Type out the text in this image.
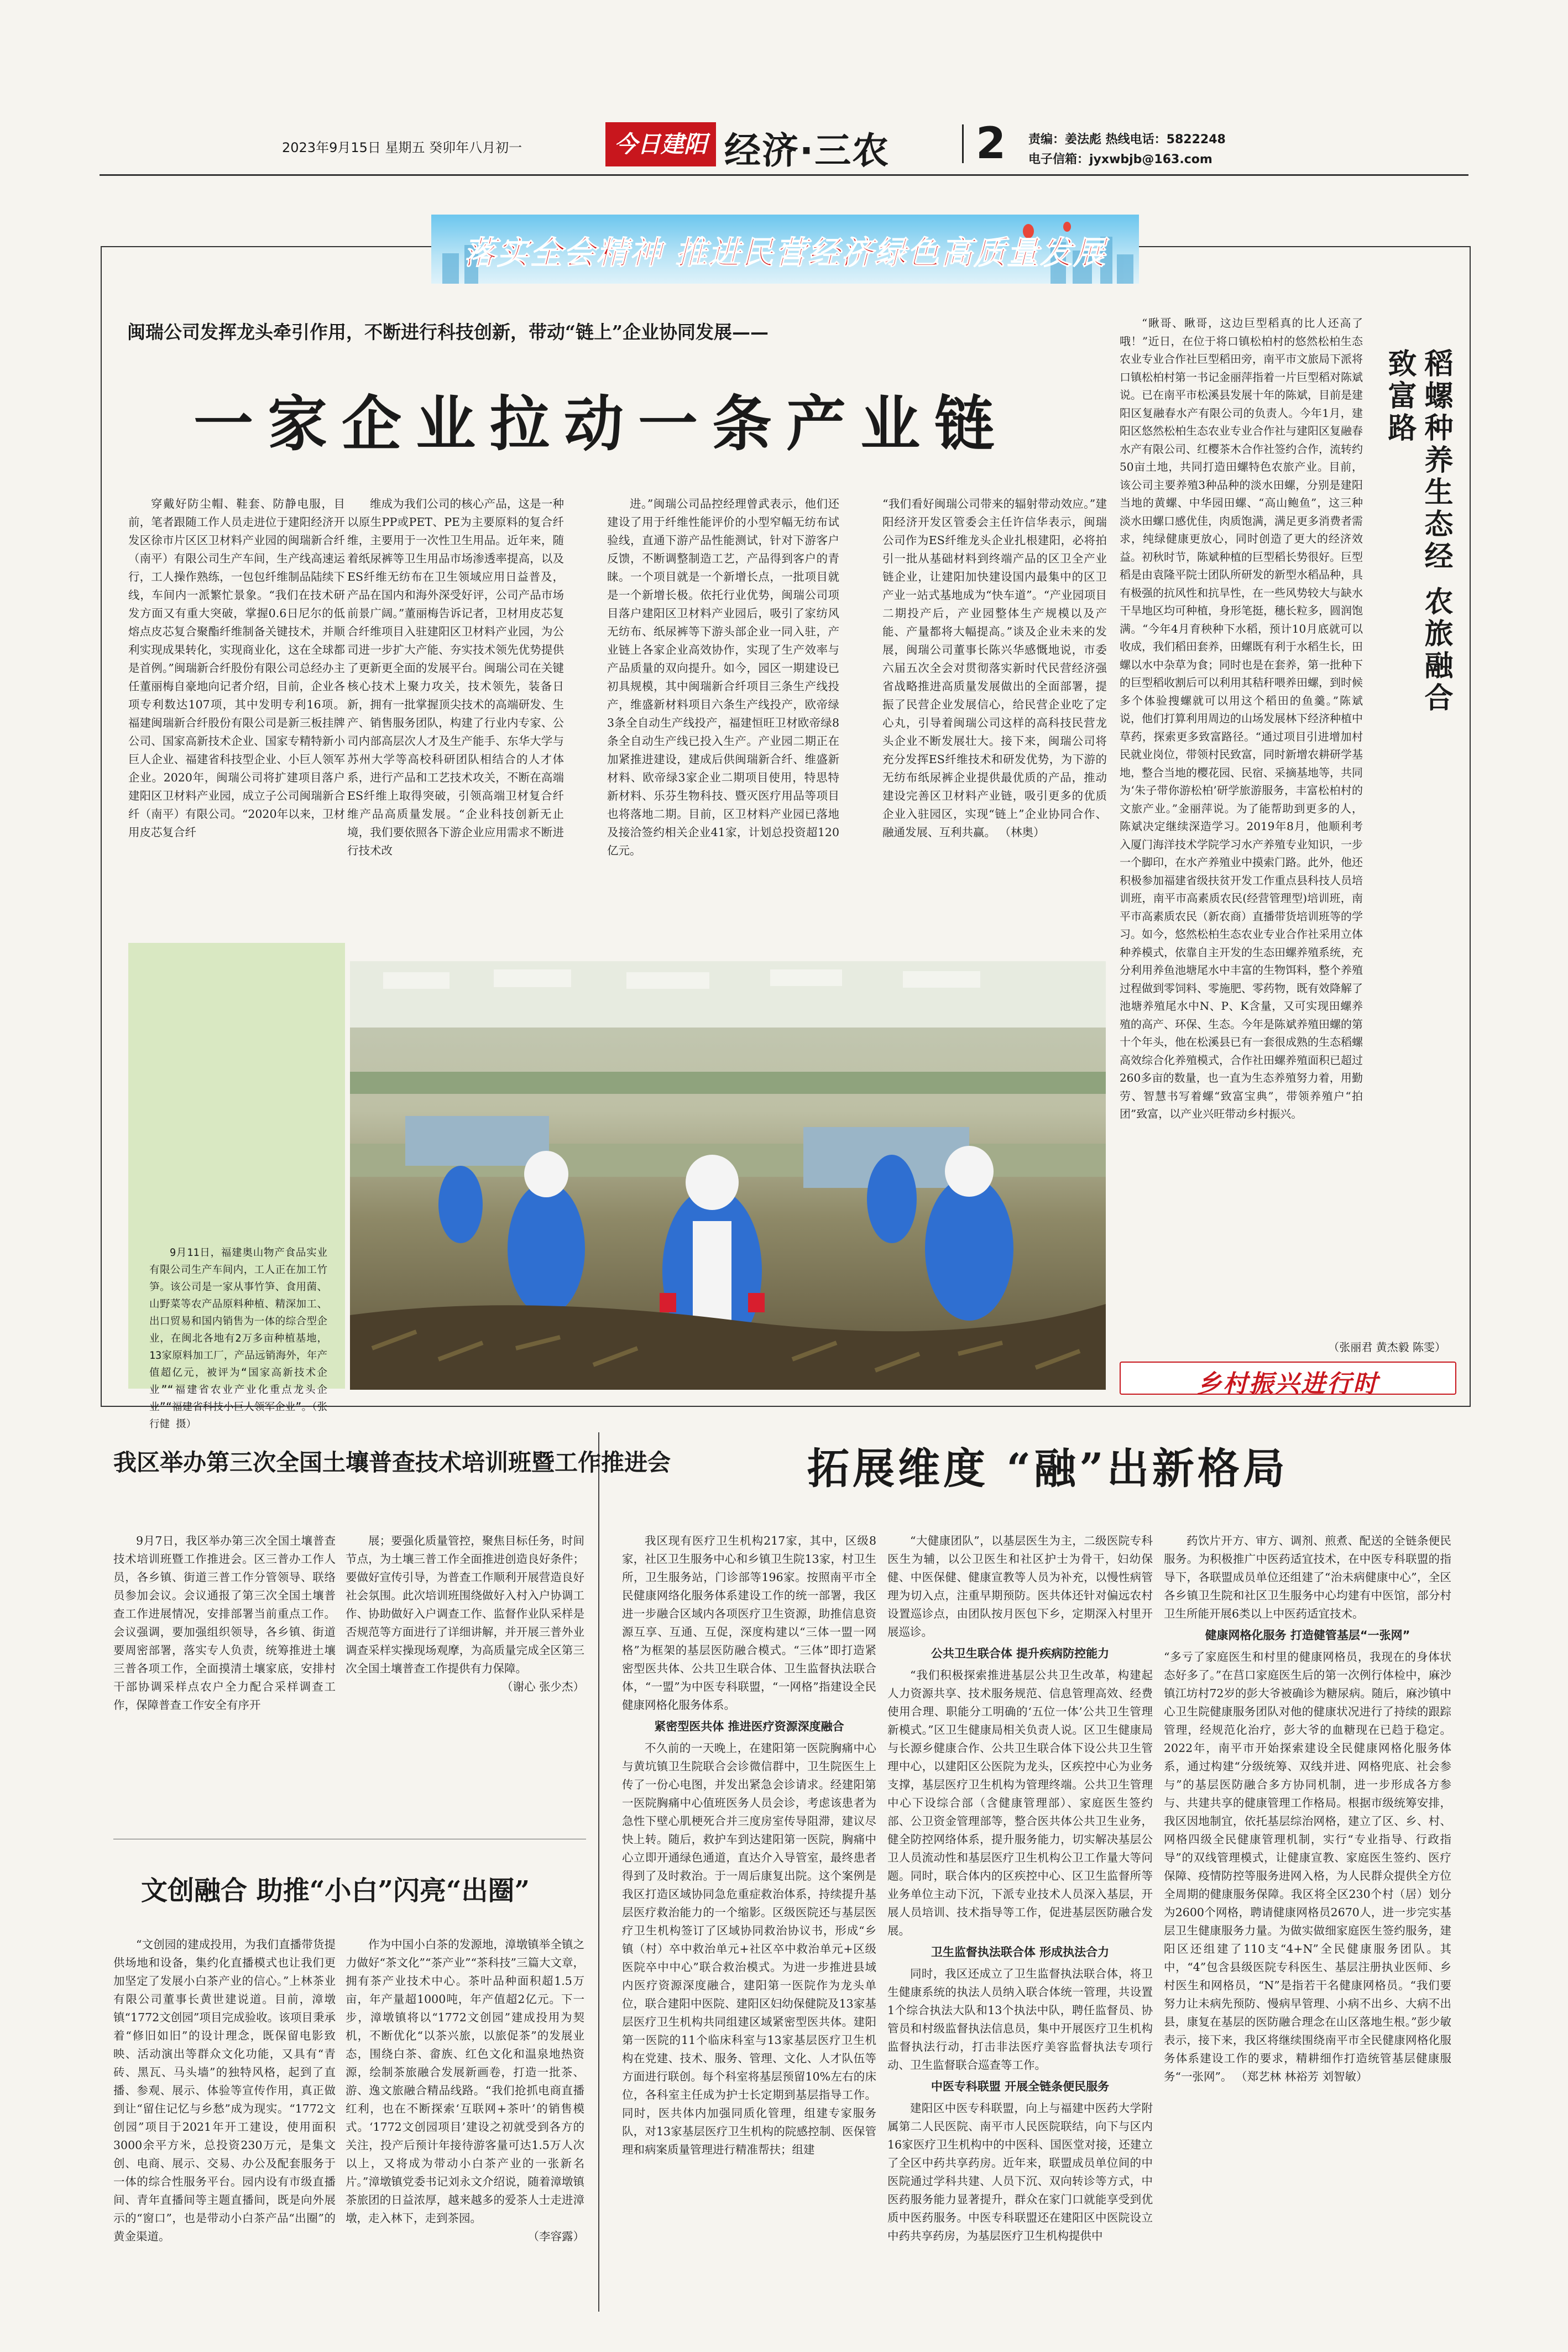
2023年9月15日 星期五 癸卯年八月初一	今日建阳 经济·三农 2 责编：姜法彪 热线电话：5822248
电子信箱：jyxwbjb@163.com
落实全会精神 推进民营经济绿色高质量发展
闽瑞公司发挥龙头牵引作用，不断进行科技创新，带动“链上”企业协同发展——
一家企业拉动一条产业链

穿戴好防尘帽、鞋套、防静电服，目前，笔者跟随工作人员走进位于建阳经济开发区徐市片区区卫材料产业园的闽瑞新合纤（南平）有限公司生产车间，生产线高速运行，工人操作熟练，一包包纤维制品陆续下线，车间内一派繁忙景象。“我们在技术研发方面又有重大突破，掌握0.6日尼尔的低熔点皮芯复合聚酯纤维制备关键技术，并顺利实现成果转化，实现商业化，这在全球都是首例。”闽瑞新合纤股份有限公司总经办主任董丽梅自豪地向记者介绍，目前，企业各项专利数达107项，其中发明专利16项。福建闽瑞新合纤股份有限公司是新三板挂牌公司、国家高新技术企业、国家专精特新小巨人企业、福建省科技型企业、小巨人领军企业。2020年，闽瑞公司将扩建项目落户建阳区卫材料产业园，成立子公司闽瑞新合纤（南平）有限公司。“2020年以来，卫材用皮芯复合纤

维成为我们公司的核心产品，这是一种以原生PP或PET、PE为主要原料的复合纤维，主要用于一次性卫生用品。近年来，随着纸尿裤等卫生用品市场渗透率提高，以及ES纤维无纺布在卫生领域应用日益普及，产品在国内和海外深受好评，公司产品市场前景广阔。”董丽梅告诉记者，卫材用皮芯复合纤维项目入驻建阳区卫材料产业园，为公司进一步扩大产能、夯实技术领先优势提供了更新更全面的发展平台。闽瑞公司在关键核心技术上聚力攻关，技术领先，装备日新，拥有一批掌握顶尖技术的高端研发、生产、销售服务团队，构建了行业内专家、公司内部高层次人才及生产能手、东华大学与苏州大学等高校科研团队相结合的人才体系，进行产品和工艺技术攻关，不断在高端ES纤维上取得突破，引领高端卫材复合纤维产品高质量发展。“企业科技创新无止境，我们要依照各下游企业应用需求不断进行技术改

进。”闽瑞公司品控经理曾武表示，他们还建设了用于纤维性能评价的小型窄幅无纺布试验线，直通下游产品性能测试，针对下游客户反馈，不断调整制造工艺，产品得到客户的青睐。一个项目就是一个新增长点，一批项目就是一个新增长极。依托行业优势，闽瑞公司项目落户建阳区卫材料产业园后，吸引了家纺风无纺布、纸尿裤等下游头部企业一同入驻，产业链上各家企业高效协作，实现了生产效率与产品质量的双向提升。如今，园区一期建设已初具规模，其中闽瑞新合纤项目三条生产线投产，维盛新材料项目六条生产线投产，欧帝绿3条全自动生产线投产，福建恒旺卫材欧帝绿8条全自动生产线已投入生产。产业园二期正在加紧推进建设，建成后供闽瑞新合纤、维盛新材料、欧帝绿3家企业二期项目使用，特思特新材料、乐芬生物科技、暨灭医疗用品等项目也将落地二期。目前，区卫材料产业园已落地及接洽签约相关企业41家，计划总投资超120亿元。

“我们看好闽瑞公司带来的辐射带动效应。”建阳经济开发区管委会主任许信华表示，闽瑞公司作为ES纤维龙头企业扎根建阳，必将拍引一批从基础材料到终端产品的区卫全产业链企业，让建阳加快建设国内最集中的区卫产业一站式基地成为“快车道”。“产业园项目二期投产后，产业园整体生产规模以及产能、产量都将大幅提高。”谈及企业未来的发展，闽瑞公司董事长陈兴华感慨地说，市委六届五次全会对贯彻落实新时代民营经济强省战略推进高质量发展做出的全面部署，提振了民营企业发展信心，给民营企业吃了定心丸，引导着闽瑞公司这样的高科技民营龙头企业不断发展壮大。接下来，闽瑞公司将充分发挥ES纤维技术和研发优势，为下游的无纺布纸尿裤企业提供最优质的产品，推动建设完善区卫材料产业链，吸引更多的优质企业入驻园区，实现“链上”企业协同合作、融通发展、互利共赢。 （林奥）
9月11日，福建奥山物产食品实业有限公司生产车间内，工人正在加工竹笋。该公司是一家从事竹笋、食用菌、山野菜等农产品原料种植、精深加工、出口贸易和国内销售为一体的综合型企业，在闽北各地有2万多亩种植基地，13家原料加工厂，产品远销海外，年产值超亿元，被评为“国家高新技术企业”“福建省农业产业化重点龙头企业”“福建省科技小巨人领军企业”。（张行健 摄）

“瞅哥、瞅哥，这边巨型稻真的比人还高了哦！”近日，在位于将口镇松柏村的悠然松柏生态农业专业合作社巨型稻田旁，南平市文旅局下派将口镇松柏村第一书记金丽萍指着一片巨型稻对陈斌说。已在南平市松溪县发展十年的陈斌，目前是建阳区复融春水产有限公司的负责人。今年1月，建阳区悠然松柏生态农业专业合作社与建阳区复融春水产有限公司、红樱茶木合作社签约合作，流转约50亩土地，共同打造田螺特色农旅产业。目前，该公司主要养殖3种品种的淡水田螺，分别是建阳当地的黄螺、中华园田螺、“高山鲍鱼”，这三种淡水田螺口感优佳，肉质饱满，满足更多消费者需求，纯绿健康更放心，同时创造了更大的经济效益。初秋时节，陈斌种植的巨型稻长势很好。巨型稻是由袁隆平院士团队所研发的新型水稻品种，具有极强的抗风性和抗旱性，在一些风势较大与缺水干旱地区均可种植，身形笔挺，穗长粒多，圆润饱满。“今年4月育秧种下水稻，预计10月底就可以收成，我们稻田套养，田螺既有利于水稻生长，田螺以水中杂草为食；同时也是在套养，第一批种下的巨型稻收割后可以利用其秸秆喂养田螺，到时候多个体验搜螺就可以用这个稻田的鱼羹。”陈斌说，他们打算利用周边的山场发展林下经济种植中草药，探索更多致富路径。“通过项目引进增加村民就业岗位，带领村民致富，同时新增农耕研学基地，整合当地的樱花园、民宿、采摘基地等，共同为‘朱子带你游松柏’研学旅游服务，丰富松柏村的文旅产业。”金丽萍说。为了能帮助到更多的人，陈斌决定继续深造学习。2019年8月，他顺利考入厦门海洋技术学院学习水产养殖专业知识，一步一个脚印，在水产养殖业中摸索门路。此外，他还积极参加福建省级扶贫开发工作重点县科技人员培训班，南平市高素质农民(经营管理型)培训班，南平市高素质农民（新农商）直播带货培训班等的学习。如今，悠然松柏生态农业专业合作社采用立体种养模式，依靠自主开发的生态田螺养殖系统，充分利用养鱼池塘尾水中丰富的生物饵料，整个养殖过程做到零饲料、零施肥、零药物，既有效降解了池塘养殖尾水中N、P、K含量，又可实现田螺养殖的高产、环保、生态。今年是陈斌养殖田螺的第十个年头，他在松溪县已有一套很成熟的生态稻螺高效综合化养殖模式，合作社田螺养殖面积已超过260多亩的数量，也一直为生态养殖努力着，用勤劳、智慧书写着螺“致富宝典”，带领养殖户“拍团”致富，以产业兴旺带动乡村振兴。

稻螺种养生态经 农旅融合致富路
（张丽君 黄杰毅 陈雯）
乡村振兴进行时
我区举办第三次全国土壤普查技术培训班暨工作推进会

9月7日，我区举办第三次全国土壤普查技术培训班暨工作推进会。区三普办工作人员，各乡镇、街道三普工作分管领导、联络员参加会议。会议通报了第三次全国土壤普查工作进展情况，安排部署当前重点工作。会议强调，要加强组织领导，各乡镇、街道要周密部署，落实专人负责，统筹推进土壤三普各项工作，全面摸清土壤家底，安排村干部协调采样点农户全力配合采样调查工作，保障普查工作安全有序开

展；要强化质量管控，聚焦目标任务，时间节点，为土壤三普工作全面推进创造良好条件；要做好宣传引导，为普查工作顺利开展营造良好社会氛围。此次培训班围绕做好入村入户协调工作、协助做好入户调查工作、监督作业队采样是否规范等方面进行了详细讲解，并开展三普外业调查采样实操现场观摩，为高质量完成全区第三次全国土壤普查工作提供有力保障。

（谢心 张少杰）
文创融合 助推“小白”闪亮“出圈”

“文创园的建成投用，为我们直播带货提供场地和设备，集约化直播模式也让我们更加坚定了发展小白茶产业的信心。”上林茶业有限公司董事长黄世建说道。目前，漳墩镇“1772文创园”项目完成验收。该项目秉承着“修旧如旧”的设计理念，既保留电影致映、活动演出等群众文化功能，又具有“青砖、黑瓦、马头墙”的独特风格，起到了直播、参观、展示、体验等宣传作用，真正做到让“留住记忆与乡愁”成为现实。“1772文创园”项目于2021年开工建设，使用面积3000余平方米，总投资230万元，是集文创、电商、展示、交易、办公及配套服务于一体的综合性服务平台。园内设有市级直播间、青年直播间等主题直播间，既是向外展示的“窗口”，也是带动小白茶产品“出圈”的黄金渠道。

作为中国小白茶的发源地，漳墩镇举全镇之力做好“茶文化”“茶产业”“茶科技”三篇大文章，拥有茶产业技术中心。茶叶品种面积超1.5万亩，年产量超1000吨，年产值超2亿元。下一步，漳墩镇将以“1772文创园”建成投用为契机，不断优化“以茶兴旅，以旅促茶”的发展业态，围绕白茶、畲族、红色文化和温泉地热资源，绘制茶旅融合发展新画卷，打造一批茶、游、逸文旅融合精品线路。“我们抢抓电商直播红利，也在不断探索‘互联网+茶叶’的销售模式。‘1772文创园项目’建设之初就受到各方的关注，投产后预计年接待游客量可达1.5万人次以上，又将成为带动小白茶产业的一张新名片。”漳墩镇党委书记刘永文介绍说，随着漳墩镇茶旅团的日益浓厚，越来越多的爱茶人士走进漳墩，走入林下，走到茶园。

（李容露）
拓展维度 “融”出新格局

我区现有医疗卫生机构217家，其中，区级8家，社区卫生服务中心和乡镇卫生院13家，村卫生所，卫生服务站，门诊部等196家。按照南平市全民健康网络化服务体系建设工作的统一部署，我区进一步融合区域内各项医疗卫生资源，助推信息资源互享、互通、互促，深度构建以“三体一盟一网格”为框架的基层医防融合模式。“三体”即打造紧密型医共体、公共卫生联合体、卫生监督执法联合体，“一盟”为中医专科联盟，“一网格”指建设全民健康网格化服务体系。

紧密型医共体 推进医疗资源深度融合

不久前的一天晚上，在建阳第一医院胸痛中心与黄坑镇卫生院联合会诊微信群中，卫生院医生上传了一份心电图，并发出紧急会诊请求。经建阳第一医院胸痛中心值班医务人员会诊，考虑该患者为急性下壁心肌梗死合并三度房室传导阻滞，建议尽快上转。随后，救护车到达建阳第一医院，胸痛中心立即开通绿色通道，直达介入导管室，最终患者得到了及时救治。于一周后康复出院。这个案例是我区打造区域协同急危重症救治体系，持续提升基层医疗救治能力的一个缩影。区级医院还与基层医疗卫生机构签订了区域协同救治协议书，形成“乡镇（村）卒中救治单元+社区卒中救治单元+区级医院卒中中心”联合救治模式。为进一步推进县域内医疗资源深度融合，建阳第一医院作为龙头单位，联合建阳中医院、建阳区妇幼保健院及13家基层医疗卫生机构共同组建区域紧密型医共体。建阳第一医院的11个临床科室与13家基层医疗卫生机构在党建、技术、服务、管理、文化、人才队伍等方面进行联创。每个科室将基层预留10%左右的床位，各科室主任成为护士长定期到基层指导工作。同时，医共体内加强同质化管理，组建专家服务队，对13家基层医疗卫生机构的院感控制、医保管理和病案质量管理进行精准帮扶；组建

“大健康团队”，以基层医生为主，二级医院专科医生为辅，以公卫医生和社区护士为骨干，妇幼保健、中医保健、健康宣教等人员为补充，以慢性病管理为切入点，注重早期预防。医共体还针对偏远农村设置巡诊点，由团队按月医包下乡，定期深入村里开展巡诊。

公共卫生联合体 提升疾病防控能力

“我们积极探索推进基层公共卫生改革，构建起人力资源共享、技术服务规范、信息管理高效、经费使用合理、职能分工明确的‘五位一体’公共卫生管理新模式。”区卫生健康局相关负责人说。区卫生健康局与长源乡健康合作、公共卫生联合体下设公共卫生管理中心，以建阳区公医院为龙头，区疾控中心为业务支撑，基层医疗卫生机构为管理终端。公共卫生管理中心下设综合部（含健康管理部）、家庭医生签约部、公卫资金管理部等，整合医共体公共卫生业务，健全防控网络体系，提升服务能力，切实解决基层公卫人员流动性和基层医疗卫生机构公卫工作量大等问题。同时，联合体内的区疾控中心、区卫生监督所等业务单位主动下沉，下派专业技术人员深入基层，开展人员培训、技术指导等工作，促进基层医防融合发展。

卫生监督执法联合体 形成执法合力

同时，我区还成立了卫生监督执法联合体，将卫生健康系统的执法人员纳入联合体统一管理，共设置1个综合执法大队和13个执法中队，聘任监督员、协管员和村级监督执法信息员，集中开展医疗卫生机构监督执法行动，打击非法医疗美容监督执法专项行动、卫生监督联合巡查等工作。

中医专科联盟 开展全链条便民服务

建阳区中医专科联盟，向上与福建中医药大学附属第二人民医院、南平市人民医院联结，向下与区内16家医疗卫生机构中的中医科、国医堂对接，还建立了全区中药共享药房。近年来，联盟成员单位间的中医院通过学科共建、人员下沉、双向转诊等方式，中医药服务能力显著提升，群众在家门口就能享受到优质中医药服务。中医专科联盟还在建阳区中医院设立中药共享药房，为基层医疗卫生机构提供中

药饮片开方、审方、调剂、煎煮、配送的全链条便民服务。为积极推广中医药适宜技术，在中医专科联盟的指导下，各联盟成员单位还组建了“治未病健康中心”，全区各乡镇卫生院和社区卫生服务中心均建有中医馆，部分村卫生所能开展6类以上中医药适宜技术。

健康网格化服务 打造健管基层“一张网”

“多亏了家庭医生和村里的健康网格员，我现在的身体状态好多了。”在莒口家庭医生后的第一次例行体检中，麻沙镇江坊村72岁的彭大爷被确诊为糖尿病。随后，麻沙镇中心卫生院健康服务团队对他的健康状况进行了持续的跟踪管理，经规范化治疗，彭大爷的血糖现在已趋于稳定。2022年，南平市开始探索建设全民健康网格化服务体系，通过构建“分级统筹、双线并进、网格兜底、社会参与”的基层医防融合多方协同机制，进一步形成各方参与、共建共享的健康管理工作格局。根据市级统筹安排，我区因地制宜，依托基层综治网格，建立了区、乡、村、网格四级全民健康管理机制，实行“专业指导、行政指导”的双线管理模式，让健康宣教、家庭医生签约、医疗保障、疫情防控等服务进网入格，为人民群众提供全方位全周期的健康服务保障。我区将全区230个村（居）划分为2600个网格，聘请健康网格员2670人，进一步完实基层卫生健康服务力量。为做实做细家庭医生签约服务，建阳区还组建了110支“4+N”全民健康服务团队。其中，“4”包含县级医院专科医生、基层注册执业医师、乡村医生和网格员，“N”是指若干名健康网格员。“我们要努力让未病先预防、慢病早管理、小病不出乡、大病不出县，康复在基层的医防融合理念在山区落地生根。”彭少敏表示，接下来，我区将继续围绕南平市全民健康网格化服务体系建设工作的要求，精耕细作打造统管基层健康服务“一张网”。 （郑艺林 林裕芳 刘智敏）
